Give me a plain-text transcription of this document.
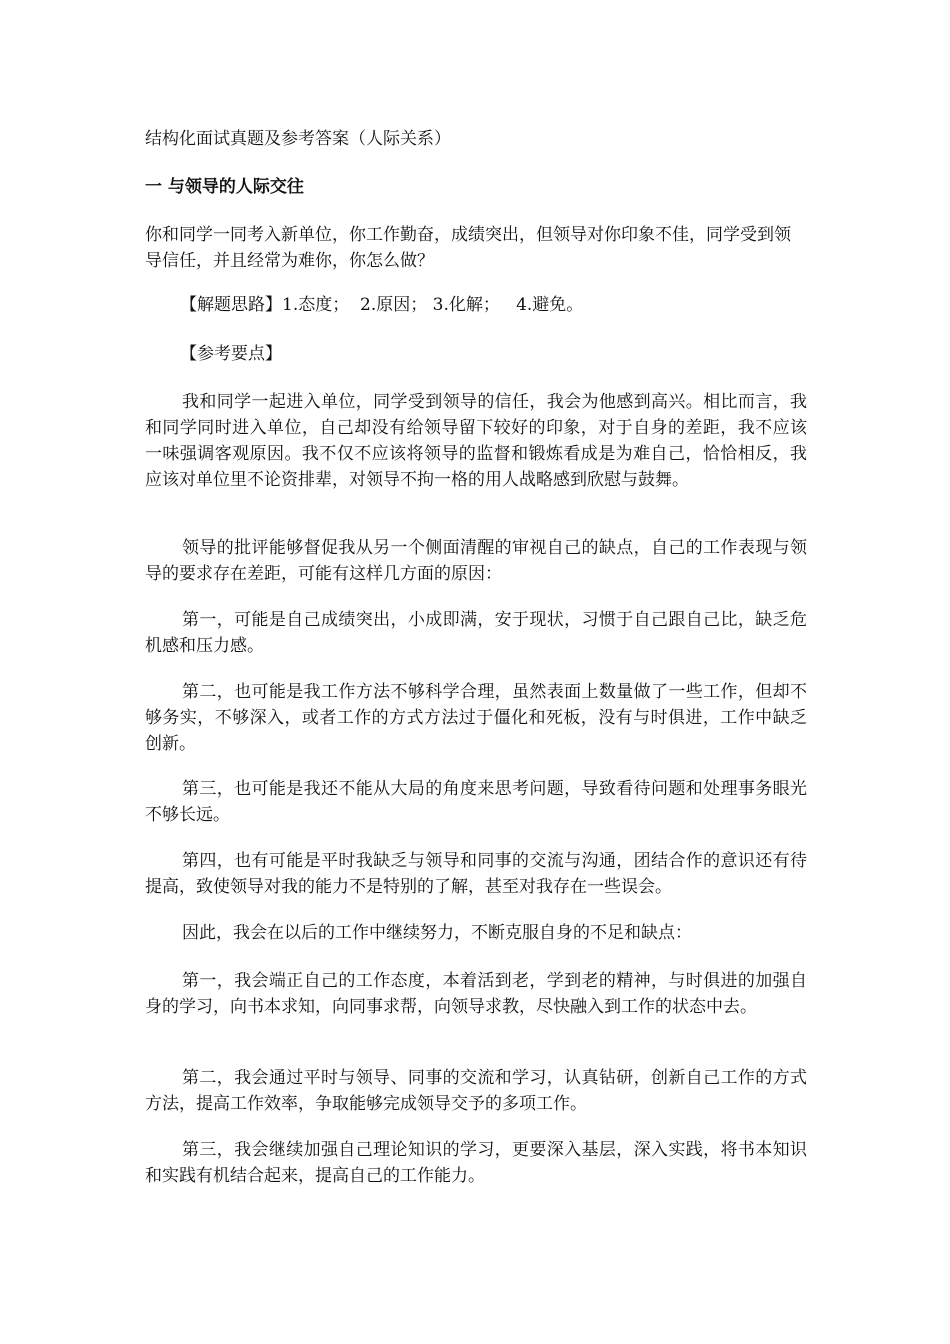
结构化面试真题及参考答案（人际关系）
一 与领导的人际交往
你和同学一同考入新单位，你工作勤奋，成绩突出，但领导对你印象不佳，同学受到领导信任，并且经常为难你，你怎么做？
【解题思路】1.态度；  2.原因； 3.化解；   4.避免。
【参考要点】
我和同学一起进入单位，同学受到领导的信任，我会为他感到高兴。相比而言，我和同学同时进入单位，自己却没有给领导留下较好的印象，对于自身的差距，我不应该一味强调客观原因。我不仅不应该将领导的监督和锻炼看成是为难自己，恰恰相反，我应该对单位里不论资排辈，对领导不拘一格的用人战略感到欣慰与鼓舞。
领导的批评能够督促我从另一个侧面清醒的审视自己的缺点，自己的工作表现与领导的要求存在差距，可能有这样几方面的原因：
第一，可能是自己成绩突出，小成即满，安于现状，习惯于自己跟自己比，缺乏危机感和压力感。
第二，也可能是我工作方法不够科学合理，虽然表面上数量做了一些工作，但却不够务实，不够深入，或者工作的方式方法过于僵化和死板，没有与时俱进，工作中缺乏创新。
第三，也可能是我还不能从大局的角度来思考问题，导致看待问题和处理事务眼光不够长远。
第四，也有可能是平时我缺乏与领导和同事的交流与沟通，团结合作的意识还有待提高，致使领导对我的能力不是特别的了解，甚至对我存在一些误会。
因此，我会在以后的工作中继续努力，不断克服自身的不足和缺点：
第一，我会端正自己的工作态度，本着活到老，学到老的精神，与时俱进的加强自身的学习，向书本求知，向同事求帮，向领导求教，尽快融入到工作的状态中去。
第二，我会通过平时与领导、同事的交流和学习，认真钻研，创新自己工作的方式方法，提高工作效率，争取能够完成领导交予的多项工作。
第三，我会继续加强自己理论知识的学习，更要深入基层，深入实践，将书本知识和实践有机结合起来，提高自己的工作能力。
